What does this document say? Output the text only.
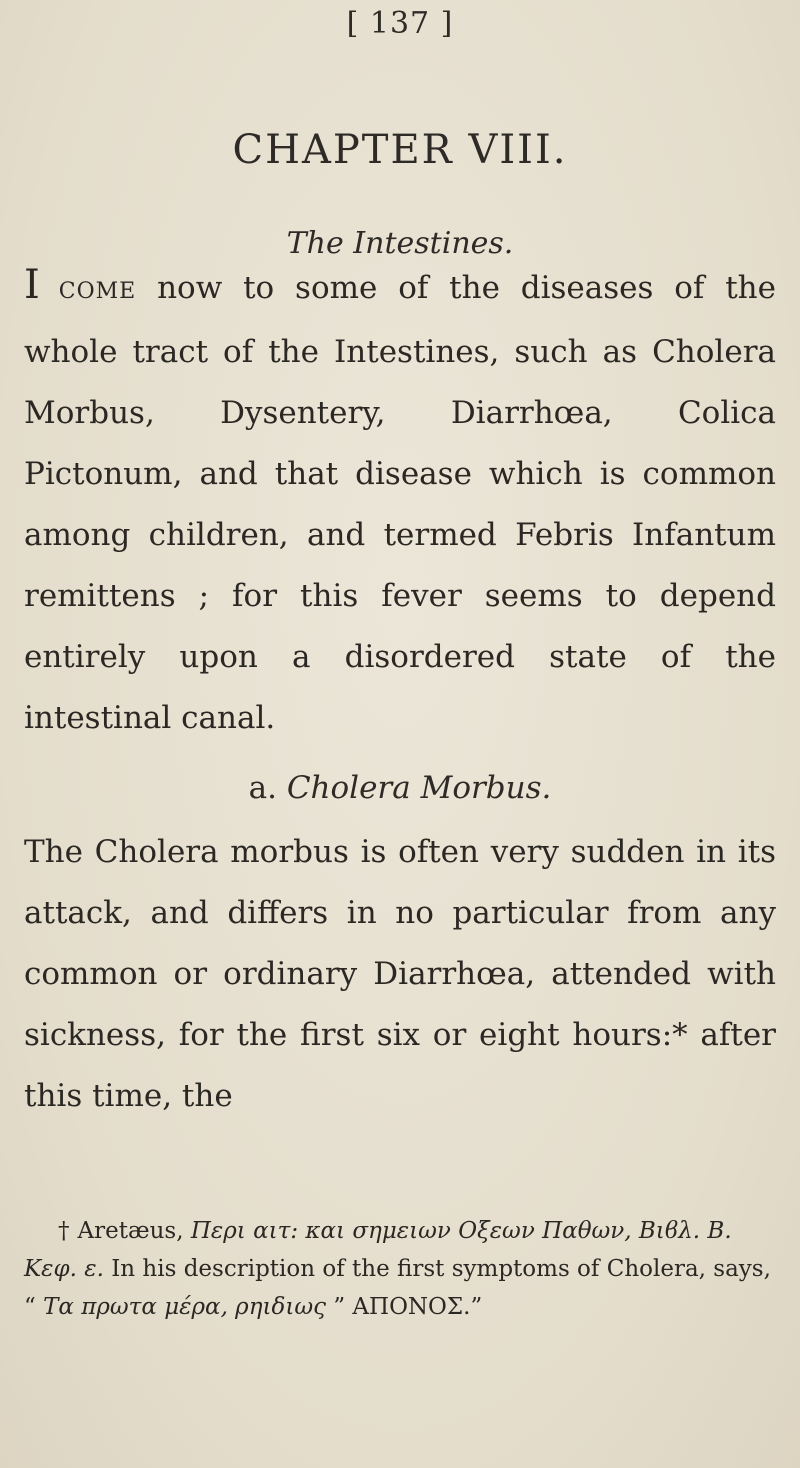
[ 137 ]
CHAPTER VIII.
The Intestines.

I COME now to some of the diseases of the whole tract of the Intestines, such as Cholera Morbus, Dysentery, Diarrhœa, Colica Pictonum, and that disease which is common among children, and termed Febris Infantum remittens ; for this fever seems to depend entirely upon a disordered state of the intestinal canal.

a. Cholera Morbus.

The Cholera morbus is often very sudden in its attack, and differs in no particular from any common or ordinary Diarrhœa, attended with sickness, for the first six or eight hours:* after this time, the

† Aretæus, Περι αιτ: και σημειων Οξεων Παθων, Βιϐλ. Β. Κεφ. ε. In his description of the first symptoms of Cholera, says, “ Τα πρωτα μέρα, ρηιδιως ” ΑΠΟΝΟΣ.”
